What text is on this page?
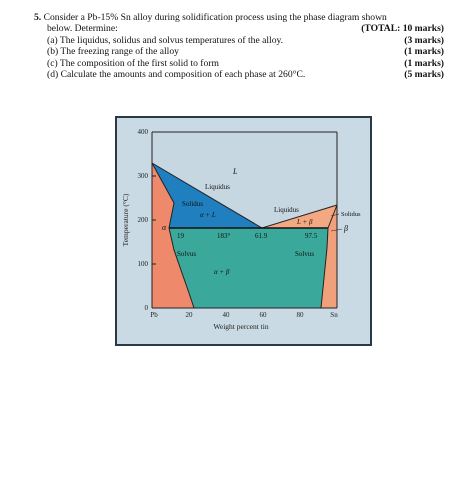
5. Consider a Pb-15% Sn alloy during solidification process using the phase diagram shown
below. Determine:	(TOTAL: 10 marks)
(a) The liquidus, solidus and solvus temperatures of the alloy.	(3 marks)
(b) The freezing range of the alloy	(1 marks)
(c) The composition of the first solid to form	(1 marks)
(d) Calculate the amounts and composition of each phase at 260°C.	(5 marks)
0
100
200
300
400
Pb	20	40	60	80	Sn
Weight percent tin
Temperature (°C)
L
Liquidus
Solidus
α + L
α
Liquidus
L + β
Solidus
β
19	183°	61.9	97.5
Solvus	Solvus
α + β
